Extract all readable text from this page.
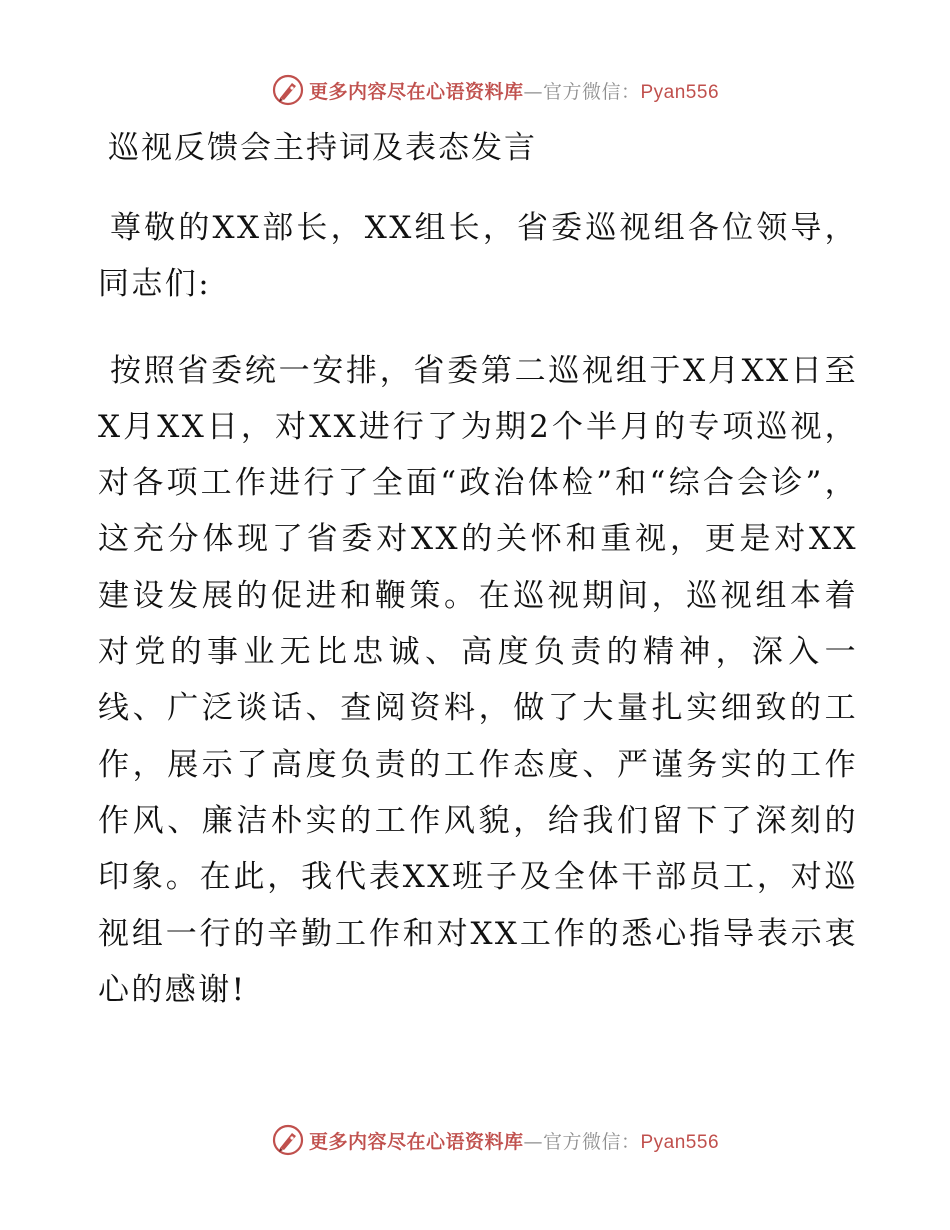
更多内容尽在心语资料库—官方微信：Pyan556
巡视反馈会主持词及表态发言

尊敬的XX部长，XX组长，省委巡视组各位领导，同志们:

按照省委统一安排，省委第二巡视组于X月XX日至X月XX日，对XX进行了为期2个半月的专项巡视，对各项工作进行了全面“政治体检”和“综合会诊”，这充分体现了省委对XX的关怀和重视，更是对XX建设发展的促进和鞭策。在巡视期间，巡视组本着对党的事业无比忠诚、高度负责的精神，深入一线、广泛谈话、查阅资料，做了大量扎实细致的工作，展示了高度负责的工作态度、严谨务实的工作作风、廉洁朴实的工作风貌，给我们留下了深刻的印象。在此，我代表XX班子及全体干部员工，对巡视组一行的辛勤工作和对XX工作的悉心指导表示衷心的感谢!

更多内容尽在心语资料库—官方微信：Pyan556
